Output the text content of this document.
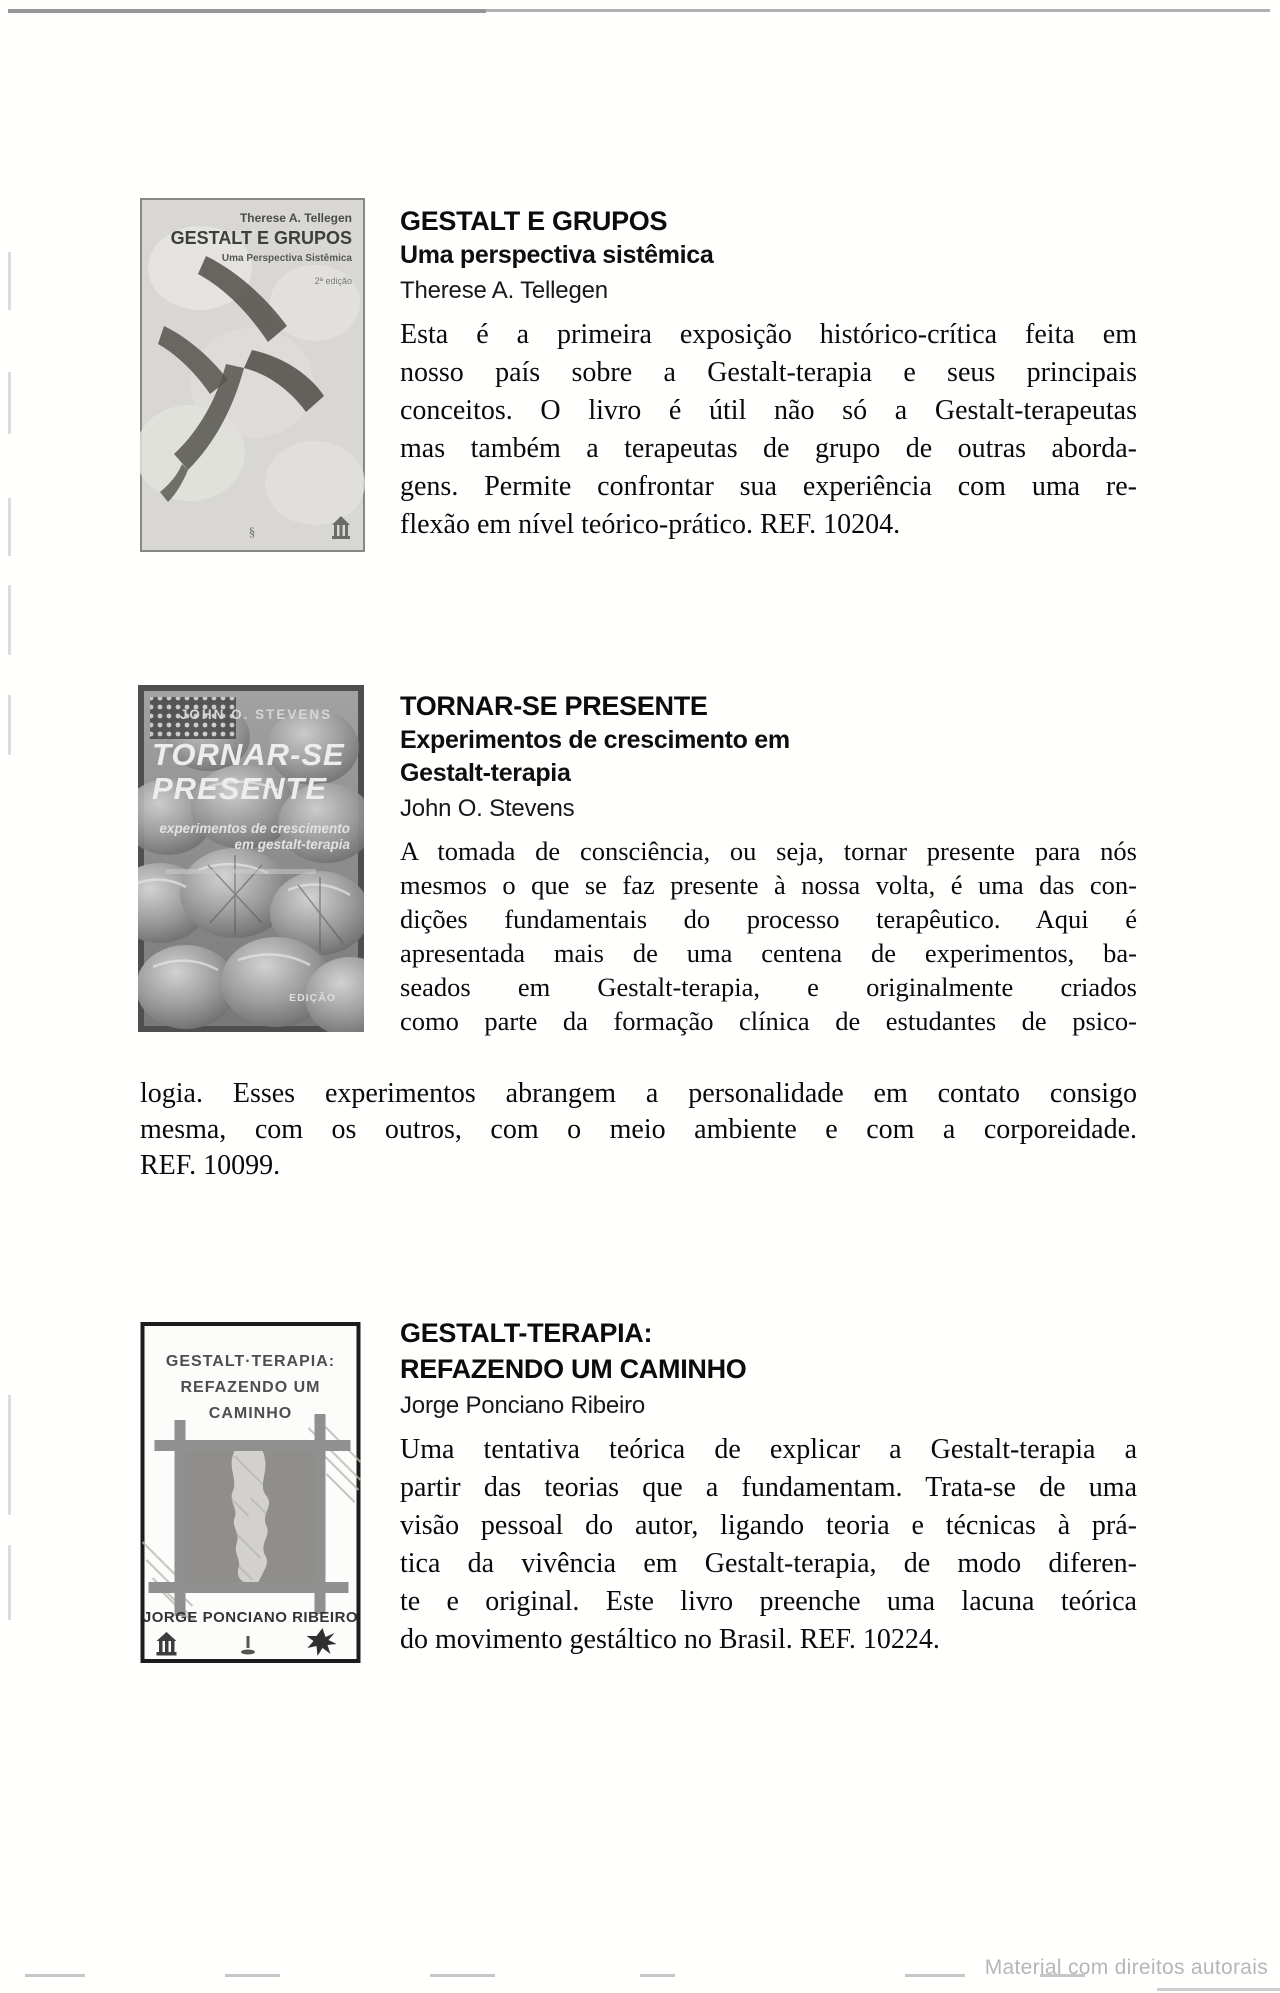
Material com direitos autorais
Therese A. Tellegen
GESTALT E GRUPOS
Uma Perspectiva Sistêmica
2ª edição
§
GESTALT E GRUPOS
Uma perspectiva sistêmica
Therese A. Tellegen
Esta é a primeira exposição histórico-crítica feita em
nosso país sobre a Gestalt-terapia e seus principais
conceitos. O livro é útil não só a Gestalt-terapeutas
mas também a terapeutas de grupo de outras aborda-
gens. Permite confrontar sua experiência com uma re-
flexão em nível teórico-prático. REF. 10204.
JOHN O. STEVENS
TORNAR-SE
PRESENTE
experimentos de crescimento
em gestalt-terapia
EDIÇÃO
TORNAR-SE PRESENTE
Experimentos de crescimento em
Gestalt-terapia
John O. Stevens
A tomada de consciência, ou seja, tornar presente para nós
mesmos o que se faz presente à nossa volta, é uma das con-
dições fundamentais do processo terapêutico. Aqui é
apresentada mais de uma centena de experimentos, ba-
seados em Gestalt-terapia, e originalmente criados
como parte da formação clínica de estudantes de psico-
logia. Esses experimentos abrangem a personalidade em contato consigo
mesma, com os outros, com o meio ambiente e com a corporeidade.
REF. 10099.
GESTALT·TERAPIA:
REFAZENDO UM
CAMINHO
JORGE PONCIANO RIBEIRO
GESTALT-TERAPIA:
REFAZENDO UM CAMINHO
Jorge Ponciano Ribeiro
Uma tentativa teórica de explicar a Gestalt-terapia a
partir das teorias que a fundamentam. Trata-se de uma
visão pessoal do autor, ligando teoria e técnicas à prá-
tica da vivência em Gestalt-terapia, de modo diferen-
te e original. Este livro preenche uma lacuna teórica
do movimento gestáltico no Brasil. REF. 10224.
